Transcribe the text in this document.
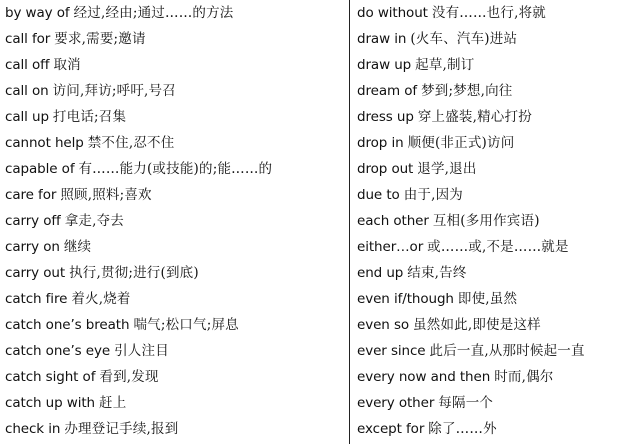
by way of 经过,经由;通过……的方法
call for 要求,需要;邀请
call off 取消
call on 访问,拜访;呼吁,号召
call up 打电话;召集
cannot help 禁不住,忍不住
capable of 有……能力(或技能)的;能……的
care for 照顾,照料;喜欢
carry off 拿走,夺去
carry on 继续
carry out 执行,贯彻;进行(到底)
catch fire 着火,烧着
catch one’s breath 喘气;松口气;屏息
catch one’s eye 引人注目
catch sight of 看到,发现
catch up with 赶上
check in 办理登记手续,报到
do without 没有……也行,将就
draw in (火车、汽车)进站
draw up 起草,制订
dream of 梦到;梦想,向往
dress up 穿上盛装,精心打扮
drop in 顺便(非正式)访问
drop out 退学,退出
due to 由于,因为
each other 互相(多用作宾语)
either…or 或……或,不是……就是
end up 结束,告终
even if/though 即使,虽然
even so 虽然如此,即使是这样
ever since 此后一直,从那时候起一直
every now and then 时而,偶尔
every other 每隔一个
except for 除了……外
